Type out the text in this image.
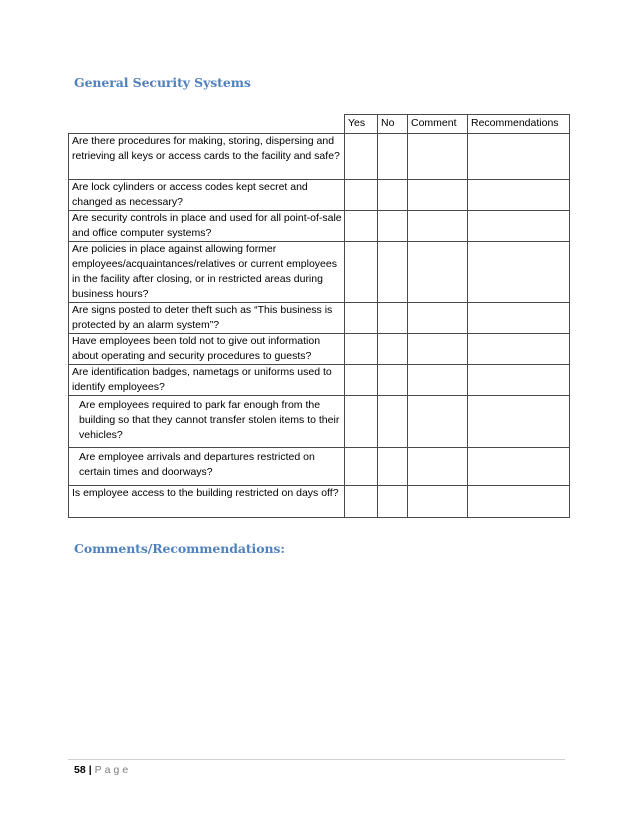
General Security Systems
	Yes	No	Comment	Recommendations
Are there procedures for making, storing, dispersing and retrieving all keys or access cards to the facility and safe?				
Are lock cylinders or access codes kept secret and changed as necessary?				
Are security controls in place and used for all point-of-sale and office computer systems?				
Are policies in place against allowing former employees/acquaintances/relatives or current employees in the facility after closing, or in restricted areas during business hours?				
Are signs posted to deter theft such as “This business is protected by an alarm system”?				
Have employees been told not to give out information about operating and security procedures to guests?				
Are identification badges, nametags or uniforms used to identify employees?				
Are employees required to park far enough from the building so that they cannot transfer stolen items to their vehicles?				
Are employee arrivals and departures restricted on certain times and doorways?				
Is employee access to the building restricted on days off?				
Comments/Recommendations:
58 | Page
